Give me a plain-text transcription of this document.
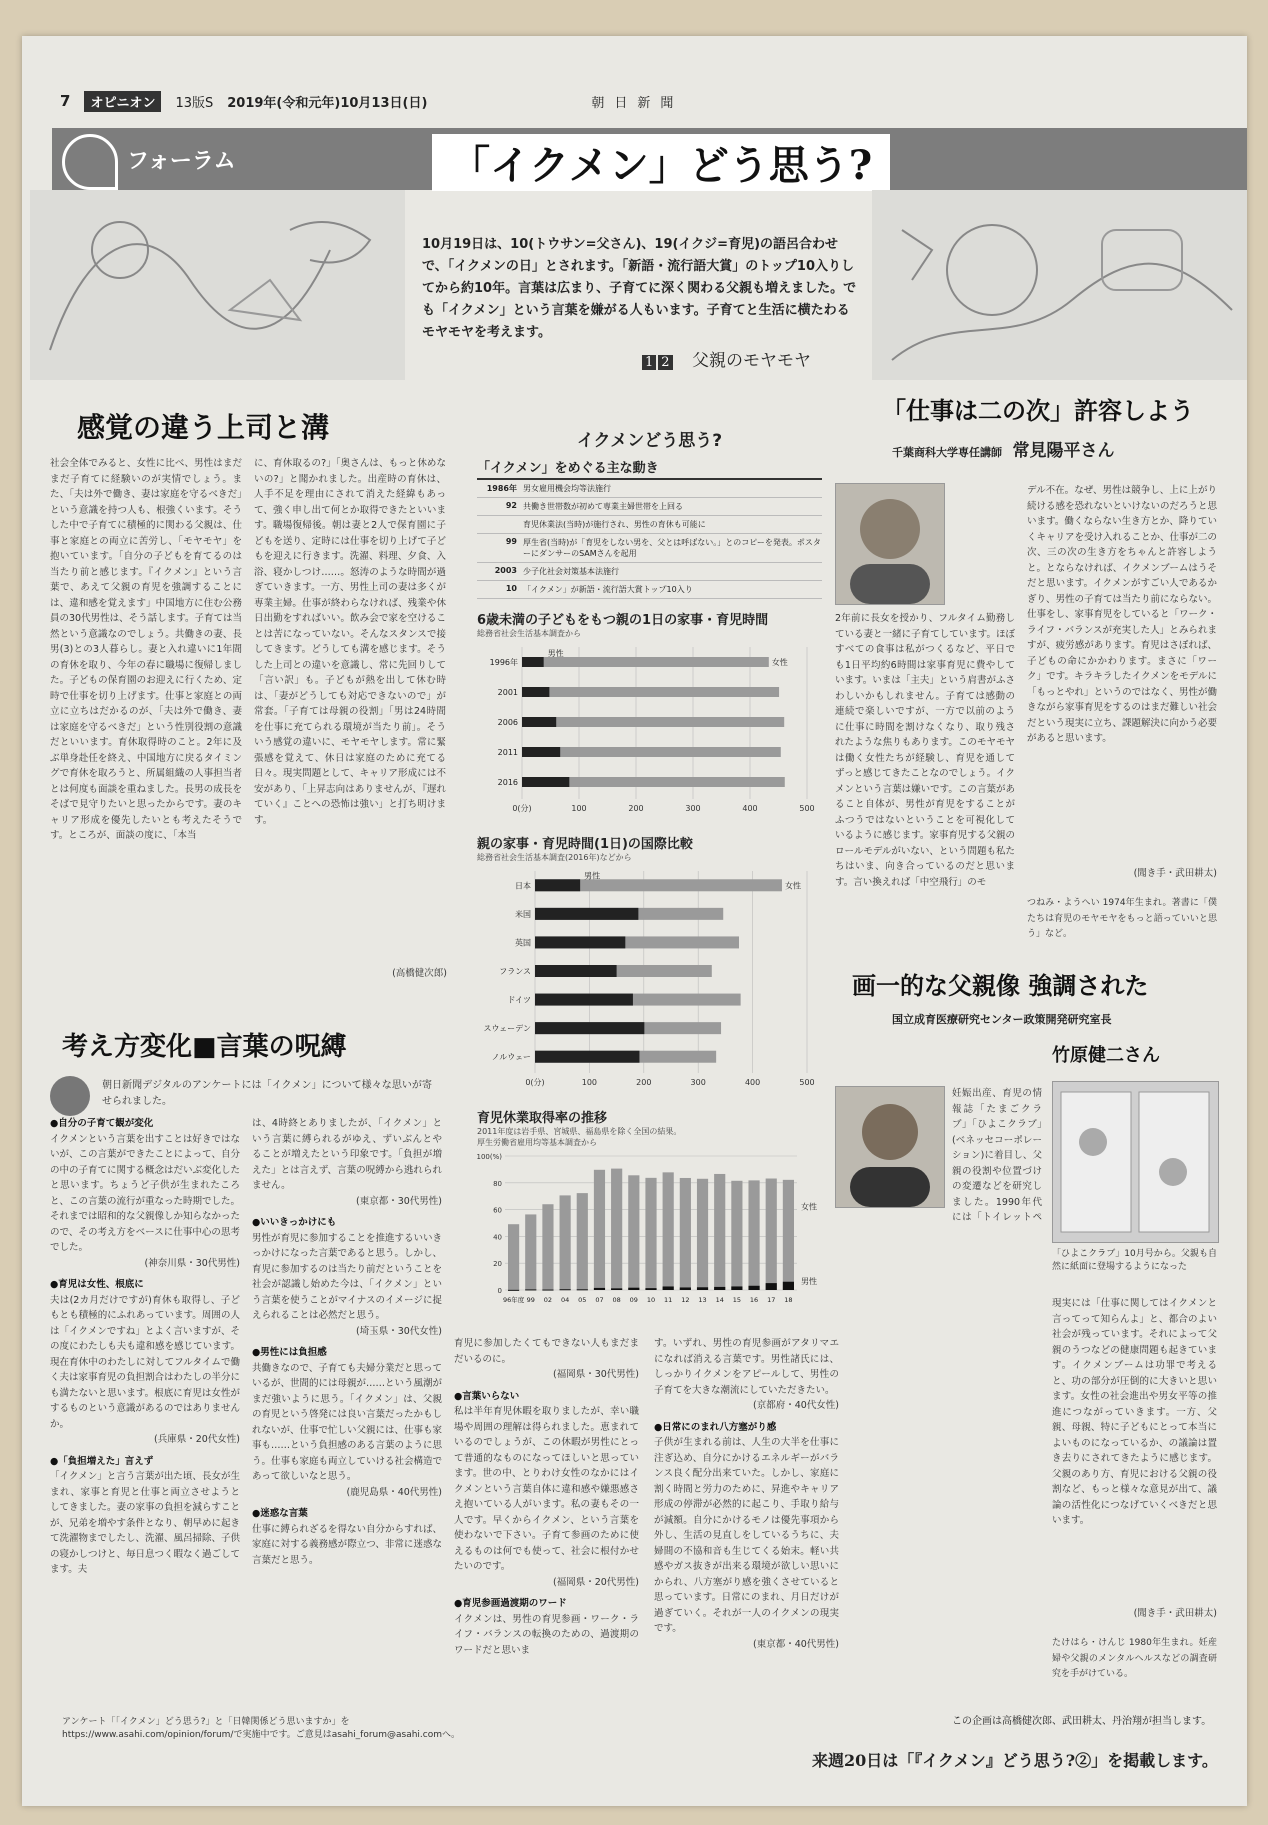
7	オピニオン	13版S 2019年(令和元年)10月13日(日)	朝日新聞
フォーラム	「イクメン」どう思う?
10月19日は、10(トウサン=父さん)、19(イクジ=育児)の語呂合わせで、「イクメンの日」とされます。「新語・流行語大賞」のトップ10入りしてから約10年。言葉は広まり、子育てに深く関わる父親も増えました。でも「イクメン」という言葉を嫌がる人もいます。子育てと生活に横たわるモヤモヤを考えます。
1 2 父親のモヤモヤ
感覚の違う上司と溝
社会全体でみると、女性に比べ、男性はまだまだ子育てに経験いのが実情でしょう。また、「夫は外で働き、妻は家庭を守るべきだ」という意識を持つ人も、根強くいます。そうした中で子育てに積極的に関わる父親は、仕事と家庭との両立に苦労し、「モヤモヤ」を抱いています。「自分の子どもを育てるのは当たり前と感じます。『イクメン』という言葉で、あえて父親の育児を強調することには、違和感を覚えます」中国地方に住む公務員の30代男性は、そう話します。子育ては当然という意識なのでしょう。共働きの妻、長男(3)との3人暮らし。妻と入れ違いに1年間の育休を取り、今年の春に職場に復帰しました。子どもの保育園のお迎えに行くため、定時で仕事を切り上げます。仕事と家庭との両立に立ちはだかるのが、「夫は外で働き、妻は家庭を守るべきだ」という性別役割の意識だといいます。育休取得時のこと。2年に及ぶ単身赴任を終え、中国地方に戻るタイミングで育休を取ろうと、所属組織の人事担当者とは何度も面談を重ねました。長男の成長をそばで見守りたいと思ったからです。妻のキャリア形成を優先したいとも考えたそうです。ところが、面談の度に、「本当
に、育休取るの?」「奥さんは、もっと休めないの?」と聞かれました。出産時の育休は、人手不足を理由にされて消えた経緯もあって、強く申し出て何とか取得できたといいます。職場復帰後。朝は妻と2人で保育園に子どもを送り、定時には仕事を切り上げて子どもを迎えに行きます。洗濯、料理、夕食、入浴、寝かしつけ……。怒涛のような時間が過ぎていきます。一方、男性上司の妻は多くが専業主婦。仕事が終わらなければ、残業や休日出勤をすればいい。飲み会で家を空けることは苦になっていない。そんなスタンスで接してきます。どうしても溝を感じます。そうした上司との違いを意識し、常に先回りして「言い訳」も。子どもが熱を出して休む時は、「妻がどうしても対応できないので」が常套。「子育ては母親の役割」「男は24時間を仕事に充てられる環境が当たり前」。そういう感覚の違いに、モヤモヤします。常に緊張感を覚えて、休日は家庭のために充てる日々。現実問題として、キャリア形成には不安があり、「上昇志向はありませんが、『遅れていく』ことへの恐怖は強い」と打ち明けます。
(高橋健次郎)
考え方変化■言葉の呪縛
朝日新聞デジタルのアンケートには「イクメン」について様々な思いが寄せられました。

●自分の子育て観が変化

イクメンという言葉を出すことは好きではないが、この言葉ができたことによって、自分の中の子育てに関する概念はだいぶ変化したと思います。ちょうど子供が生まれたころと、この言葉の流行が重なった時期でした。それまでは昭和的な父親像しか知らなかったので、その考え方をベースに仕事中心の思考でした。

(神奈川県・30代男性)

●育児は女性、根底に

夫は(2カ月だけですが)育休も取得し、子どもとも積極的にふれあっています。周囲の人は「イクメンですね」とよく言いますが、その度にわたしも夫も違和感を感じています。現在育休中のわたしに対してフルタイムで働く夫は家事育児の負担割合はわたしの半分にも満たないと思います。根底に育児は女性がするものという意識があるのではありませんか。

(兵庫県・20代女性)

●「負担増えた」言えず

「イクメン」と言う言葉が出た頃、長女が生まれ、家事と育児と仕事と両立させようとしてきました。妻の家事の負担を減らすことが、兄弟を増やす条件となり、朝早めに起きて洗濯物までしたし、洗濯、風呂掃除、子供の寝かしつけと、毎日息つく暇なく過ごしてます。夫

は、4時終とありましたが、「イクメン」という言葉に縛られるがゆえ、ずいぶんとやることが増えたという印象です。「負担が増えた」とは言えず、言葉の呪縛から逃れられません。

(東京都・30代男性)

●いいきっかけにも

男性が育児に参加することを推進するいいきっかけになった言葉であると思う。しかし、育児に参加するのは当たり前だということを社会が認識し始めた今は、「イクメン」という言葉を使うことがマイナスのイメージに捉えられることは必然だと思う。

(埼玉県・30代女性)

●男性には負担感

共働きなので、子育ても夫婦分業だと思っているが、世間的には母親が……という風潮がまだ強いように思う。「イクメン」は、父親の育児という啓発には良い言葉だったかもしれないが、仕事で忙しい父親には、仕事も家事も……という負担感のある言葉のように思う。仕事も家庭も両立していける社会構造であって欲しいなと思う。

(鹿児島県・40代男性)

●迷惑な言葉

仕事に縛られざるを得ない自分からすれば、家庭に対する義務感が際立つ、非常に迷惑な言葉だと思う。

育児に参加したくてもできない人もまだまだいるのに。

(福岡県・30代男性)

●言葉いらない

私は半年育児休暇を取りましたが、幸い職場や周囲の理解は得られました。恵まれているのでしょうが、この休暇が男性にとって普通的なものになってほしいと思っています。世の中、とりわけ女性のなかにはイクメンという言葉自体に違和感や嫌悪感さえ抱いている人がいます。私の妻もその一人です。早くからイクメン、という言葉を使わないで下さい。子育て参画のために使えるものは何でも使って、社会に根付かせたいのです。

(福岡県・20代男性)

●育児参画過渡期のワード

イクメンは、男性の育児参画・ワーク・ライフ・バランスの転換のための、過渡期のワードだと思いま

す。いずれ、男性の育児参画がアタリマエになれば消える言葉です。男性諸氏には、しっかりイクメンをアピールして、男性の子育てを大きな潮流にしていただきたい。

(京都府・40代女性)

●日常にのまれ八方塞がり感

子供が生まれる前は、人生の大半を仕事に注ぎ込め、自分にかけるエネルギーがバランス良く配分出来ていた。しかし、家庭に割く時間と労力のために、昇進やキャリア形成の停滞が必然的に起こり、手取り給与が減額。自分にかけるモノは優先事項から外し、生活の見直しをしているうちに、夫婦間の不協和音も生じてくる始末。軽い共感やガス抜きが出来る環境が欲しい思いにかられ、八方塞がり感を強くさせていると思っています。日常にのまれ、月日だけが過ぎていく。それが一人のイクメンの現実です。

(東京都・40代男性)

イクメンどう思う?
「イクメン」をめぐる主な動き
1986年 男女雇用機会均等法施行
92 共働き世帯数が初めて専業主婦世帯を上回る
育児休業法(当時)が施行され、男性の育休も可能に
99 厚生省(当時)が「育児をしない男を、父とは呼ばない。」とのコピーを発表。ポスターにダンサーのSAMさんを起用
2003 少子化社会対策基本法施行
10 「イクメン」が新語・流行語大賞トップ10入り
6歳未満の子どもをもつ親の1日の家事・育児時間
総務省社会生活基本調査から
0(分)	100	200	300	400	500
1996年
男性
女性
2001
2006
2011
2016
親の家事・育児時間(1日)の国際比較
総務省社会生活基本調査(2016年)などから
0(分)	100	200	300	400	500
日本
男性
女性
米国
英国
フランス
ドイツ
スウェーデン
ノルウェー
育児休業取得率の推移
2011年度は岩手県、宮城県、福島県を除く全国の結果。
厚生労働省雇用均等基本調査から
0
20
40
60
80
100(%)
96年度 99 02 04 05 07 08 09 10 11 12 13 14 15 16 17 18
女性
男性
「仕事は二の次」許容しよう
千葉商科大学専任講師 常見陽平さん
2年前に長女を授かり、フルタイム勤務している妻と一緒に子育てしています。ほぼすべての食事は私がつくるなど、平日でも1日平均約6時間は家事育児に費やしています。いまは「主夫」という肩書がふさわしいかもしれません。子育ては感動の連続で楽しいですが、一方で以前のように仕事に時間を割けなくなり、取り残されたような焦りもあります。このモヤモヤは働く女性たちが経験し、育児を通してずっと感じてきたことなのでしょう。イクメンという言葉は嫌いです。この言葉があること自体が、男性が育児をすることがふつうではないということを可視化しているように感じます。家事育児する父親のロールモデルがいない、という問題も私たちはいま、向き合っているのだと思います。言い換えれば「中空飛行」のモ
デル不在。なぜ、男性は競争し、上に上がり続ける感を恐れないといけないのだろうと思います。働くならない生き方とか、降りていくキャリアを受け入れることか、仕事が二の次、三の次の生き方をちゃんと許容しようと。とならなければ、イクメンブームはうそだと思います。イクメンがすごい人であるかぎり、男性の子育ては当たり前にならない。仕事をし、家事育児をしていると「ワーク・ライフ・バランスが充実した人」とみられますが、疲労感があります。育児はさぼれば、子どもの命にかかわります。まさに「ワーク」です。キラキラしたイクメンをモデルに「もっとやれ」というのではなく、男性が働きながら家事育児をするのはまだ難しい社会だという現実に立ち、課題解決に向かう必要があると思います。
(聞き手・武田耕太)
つねみ・ようへい 1974年生まれ。著書に「僕たちは育児のモヤモヤをもっと語っていいと思う」など。
画一的な父親像 強調された
国立成育医療研究センター政策開発研究室長
竹原健二さん
「ひよこクラブ」10月号から。父親も自然に紙面に登場するようになった
妊娠出産、育児の情報誌「たまごクラブ」「ひよこクラブ」(ベネッセコーポレーション)に着目し、父親の役割や位置づけの変遷などを研究しました。1990年代には「トイレットペ
現実には「仕事に関してはイクメンと言ってって知らんよ」と、都合のよい社会が残っています。それによって父親のうつなどの健康問題も起きています。イクメンブームは功罪で考えると、功の部分が圧倒的に大きいと思います。女性の社会進出や男女平等の推進につながっていきます。一方、父親、母親、特に子どもにとって本当によいものになっているか、の議論は置き去りにされてきたように感じます。父親のあり方、育児における父親の役割など、もっと様々な意見が出て、議論の活性化につなげていくべきだと思います。
(聞き手・武田耕太)
たけはら・けんじ 1980年生まれ。妊産婦や父親のメンタルヘルスなどの調査研究を手がけている。
アンケート「「イクメン」どう思う?」と「日韓関係どう思いますか」をhttps://www.asahi.com/opinion/forum/で実施中です。ご意見はasahi_forum@asahi.comへ。
この企画は高橋健次郎、武田耕太、丹治翔が担当します。
来週20日は「『イクメン』どう思う?②」を掲載します。
